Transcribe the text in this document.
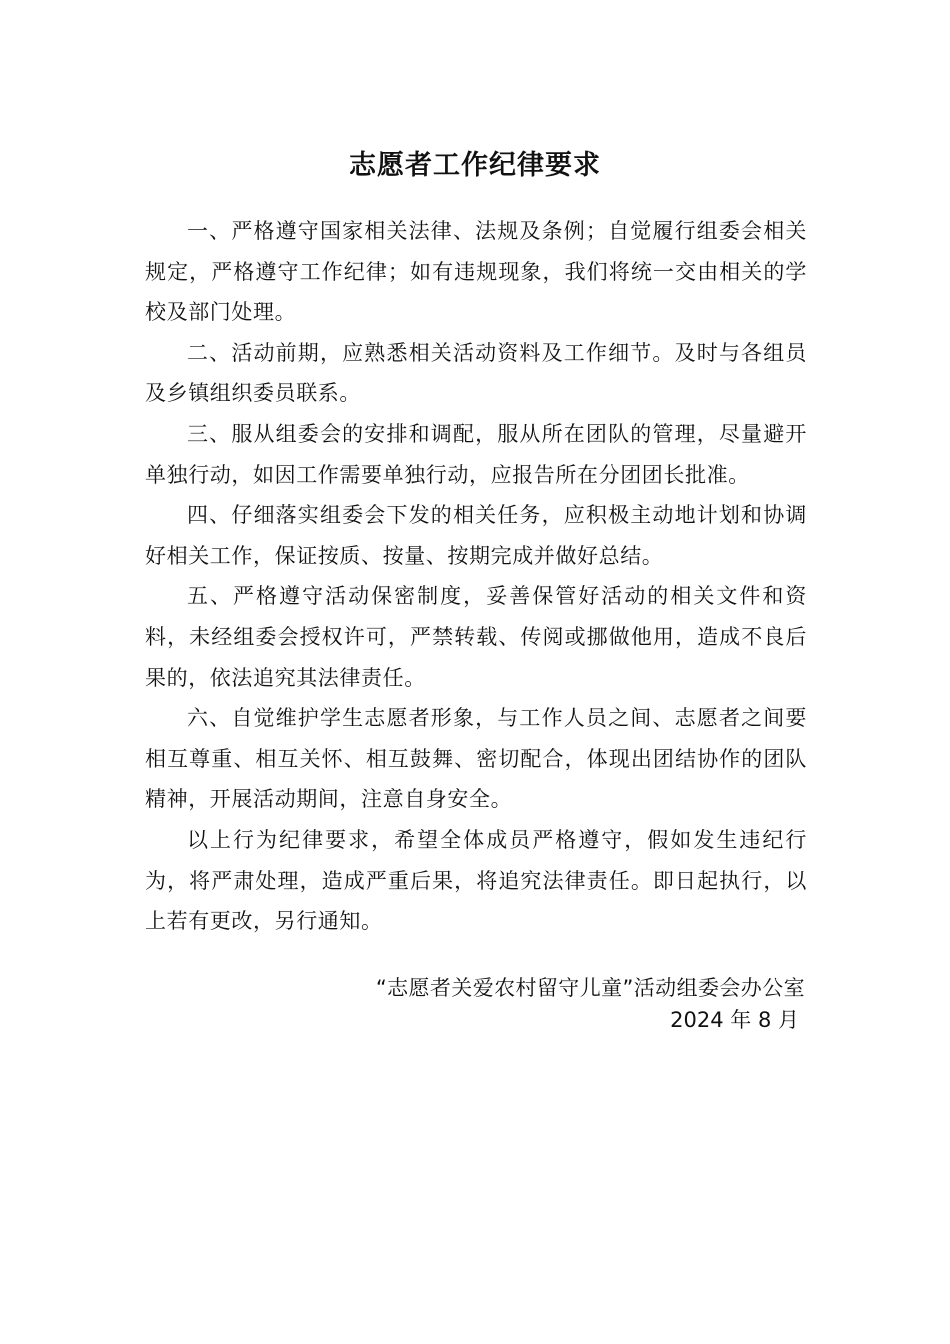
志愿者工作纪律要求

一、严格遵守国家相关法律、法规及条例；自觉履行组委会相关规定，严格遵守工作纪律；如有违规现象，我们将统一交由相关的学校及部门处理。

二、活动前期，应熟悉相关活动资料及工作细节。及时与各组员及乡镇组织委员联系。

三、服从组委会的安排和调配，服从所在团队的管理，尽量避开单独行动，如因工作需要单独行动，应报告所在分团团长批准。

四、仔细落实组委会下发的相关任务，应积极主动地计划和协调好相关工作，保证按质、按量、按期完成并做好总结。

五、严格遵守活动保密制度，妥善保管好活动的相关文件和资料，未经组委会授权许可，严禁转载、传阅或挪做他用，造成不良后果的，依法追究其法律责任。

六、自觉维护学生志愿者形象，与工作人员之间、志愿者之间要相互尊重、相互关怀、相互鼓舞、密切配合，体现出团结协作的团队精神，开展活动期间，注意自身安全。

以上行为纪律要求，希望全体成员严格遵守，假如发生违纪行为，将严肃处理，造成严重后果，将追究法律责任。即日起执行，以上若有更改，另行通知。

“志愿者关爱农村留守儿童”活动组委会办公室
2024 年 8 月
